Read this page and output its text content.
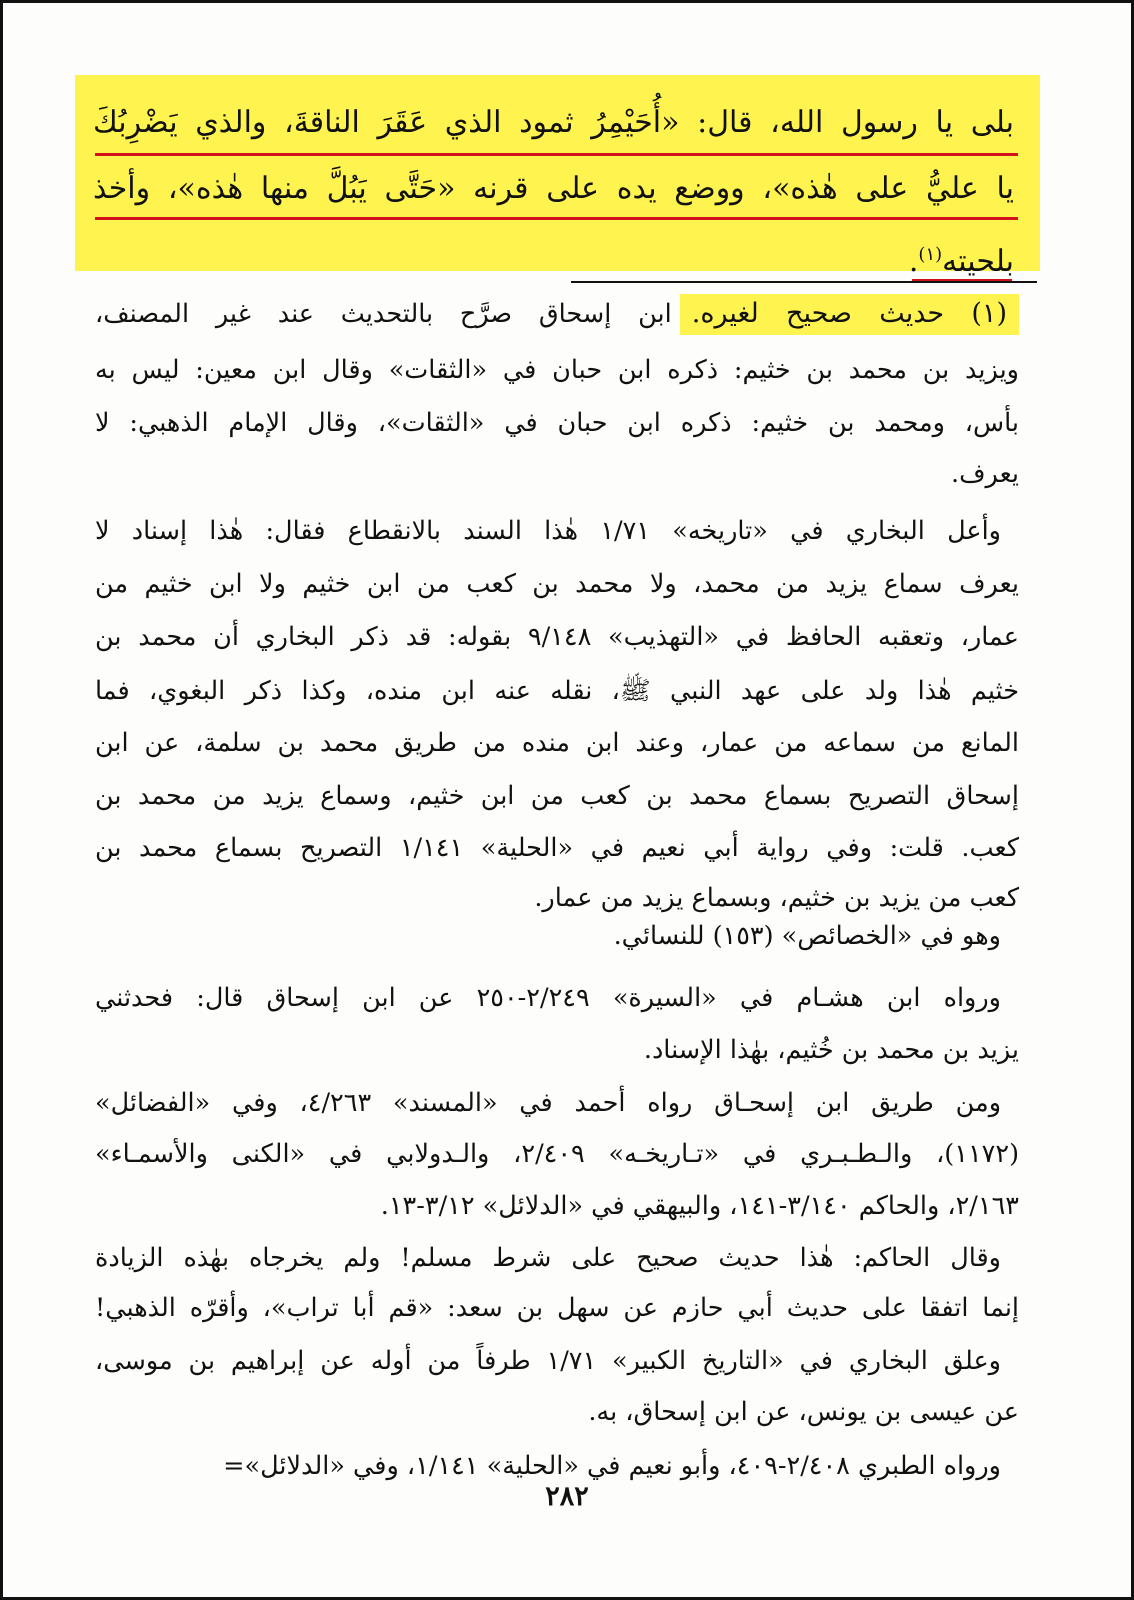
بلى يا رسول الله، قال: «أُحَيْمِرُ ثمود الذي عَقَرَ الناقةَ، والذي يَضْرِبُكَ
يا عليُّ على هٰذه»، ووضع يده على قرنه «حَتَّى يَبُلَّ منها هٰذه»، وأخذ
بلحيته$^{(١)}$.
(١) حديث صحيح لغيره.ابن إسحاق صرَّح بالتحديث عند غير المصنف،
ويزيد بن محمد بن خثيم: ذكره ابن حبان في «الثقات» وقال ابن معين: ليس به
بأس، ومحمد بن خثيم: ذكره ابن حبان في «الثقات»، وقال الإمام الذهبي: لا
يعرف.
وأعل البخاري في «تاريخه» ١/٧١ هٰذا السند بالانقطاع فقال: هٰذا إسناد لا
يعرف سماع يزيد من محمد، ولا محمد بن كعب من ابن خثيم ولا ابن خثيم من
عمار، وتعقبه الحافظ في «التهذيب» ٩/١٤٨ بقوله: قد ذكر البخاري أن محمد بن
خثيم هٰذا ولد على عهد النبي ﷺ، نقله عنه ابن منده، وكذا ذكر البغوي، فما
المانع من سماعه من عمار، وعند ابن منده من طريق محمد بن سلمة، عن ابن
إسحاق التصريح بسماع محمد بن كعب من ابن خثيم، وسماع يزيد من محمد بن
كعب. قلت: وفي رواية أبي نعيم في «الحلية» ١/١٤١ التصريح بسماع محمد بن
كعب من يزيد بن خثيم، وبسماع يزيد من عمار.
وهو في «الخصائص» (١٥٣) للنسائي.
ورواه ابن هشـام في «السيرة» ٢/٢٤٩-٢٥٠ عن ابن إسحاق قال: فحدثني
يزيد بن محمد بن خُثيم، بهٰذا الإسناد.
ومن طريق ابن إسحـاق رواه أحمد في «المسند» ٤/٢٦٣، وفي «الفضائل»
(١١٧٢)، والـطـبـري في «تـاريخـه» ٢/٤٠٩، والـدولابي في «الكنى والأسمـاء»
٢/١٦٣، والحاكم ٣/١٤٠-١٤١، والبيهقي في «الدلائل» ٣/١٢-١٣.
وقال الحاكم: هٰذا حديث صحيح على شرط مسلم! ولم يخرجاه بهٰذه الزيادة
إنما اتفقا على حديث أبي حازم عن سهل بن سعد: «قم أبا تراب»، وأقرّه الذهبي!
وعلق البخاري في «التاريخ الكبير» ١/٧١ طرفاً من أوله عن إبراهيم بن موسى،
عن عيسى بن يونس، عن ابن إسحاق، به.
ورواه الطبري ٢/٤٠٨-٤٠٩، وأبو نعيم في «الحلية» ١/١٤١، وفي «الدلائل»=
٢٨٢
